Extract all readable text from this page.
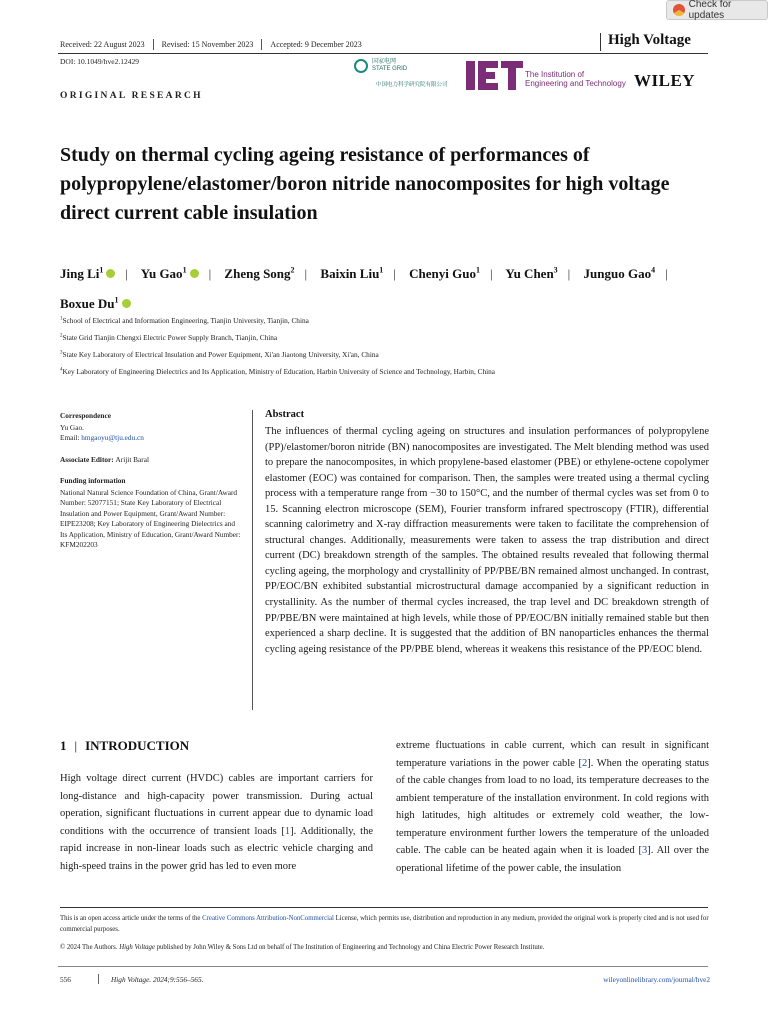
Check for updates
Received: 22 August 2023	Revised: 15 November 2023	Accepted: 9 December 2023	High Voltage
DOI: 10.1049/hve2.12429	国家电网
STATE GRID
中国电力科学研究院有限公司
The Institution of
Engineering and Technology WILEY
ORIGINAL RESEARCH
Study on thermal cycling ageing resistance of performances of polypropylene/elastomer/boron nitride nanocomposites for high voltage direct current cable insulation
Jing Li$^1$ | Yu Gao$^1$ | Zheng Song$^2$ | Baixin Liu$^1$ | Chenyi Guo$^1$ | Yu Chen$^3$ | Junguo Gao$^4$ | Boxue Du$^1$
$^1$School of Electrical and Information Engineering, Tianjin University, Tianjin, China
$^2$State Grid Tianjin Chengxi Electric Power Supply Branch, Tianjin, China
$^3$State Key Laboratory of Electrical Insulation and Power Equipment, Xi'an Jiaotong University, Xi'an, China
$^4$Key Laboratory of Engineering Dielectrics and Its Application, Ministry of Education, Harbin University of Science and Technology, Harbin, China
Correspondence
Yu Gao.
Email: hmgaoyu@tju.edu.cn
Associate Editor: Arijit Baral
Funding information
National Natural Science Foundation of China, Grant/Award Number: 52077151; State Key Laboratory of Electrical Insulation and Power Equipment, Grant/Award Number: EIPE23208; Key Laboratory of Engineering Dielectrics and Its Application, Ministry of Education, Grant/Award Number: KFM202203
Abstract
The influences of thermal cycling ageing on structures and insulation performances of polypropylene (PP)/elastomer/boron nitride (BN) nanocomposites are investigated. The Melt blending method was used to prepare the nanocomposites, in which propylene-based elastomer (PBE) or ethylene-octene copolymer elastomer (EOC) was contained for comparison. Then, the samples were treated using a thermal cycling process with a temperature range from −30 to 150°C, and the number of thermal cycles was set from 0 to 15. Scanning electron microscope (SEM), Fourier transform infrared spectroscopy (FTIR), differential scanning calorimetry and X-ray diffraction measurements were taken to facilitate the comprehension of structural changes. Additionally, measurements were taken to assess the trap distribution and direct current (DC) breakdown strength of the samples. The obtained results revealed that following thermal cycling ageing, the morphology and crystallinity of PP/PBE/BN remained almost unchanged. In contrast, PP/EOC/BN exhibited substantial microstructural damage accompanied by a significant reduction in crystallinity. As the number of thermal cycles increased, the trap level and DC breakdown strength of PP/PBE/BN were maintained at high levels, while those of PP/EOC/BN initially remained stable but then experienced a sharp decline. It is suggested that the addition of BN nanoparticles enhances the thermal cycling ageing resistance of the PP/PBE blend, whereas it weakens this resistance of the PP/EOC blend.
1 | INTRODUCTION
High voltage direct current (HVDC) cables are important carriers for long-distance and high-capacity power transmission. During actual operation, significant fluctuations in current appear due to dynamic load conditions with the occurrence of transient loads [1]. Additionally, the rapid increase in non-linear loads such as electric vehicle charging and high-speed trains in the power grid has led to even more
extreme fluctuations in cable current, which can result in significant temperature variations in the power cable [2]. When the operating status of the cable changes from load to no load, its temperature decreases to the ambient temperature of the installation environment. In cold regions with high latitudes, high altitudes or extremely cold weather, the low-temperature environment further lowers the temperature of the unloaded cable. The cable can be heated again when it is loaded [3]. All over the operational lifetime of the power cable, the insulation
This is an open access article under the terms of the Creative Commons Attribution-NonCommercial License, which permits use, distribution and reproduction in any medium, provided the original work is properly cited and is not used for commercial purposes.
© 2024 The Authors. High Voltage published by John Wiley & Sons Ltd on behalf of The Institution of Engineering and Technology and China Electric Power Research Institute.
556	High Voltage. 2024;9:556–565.	wileyonlinelibrary.com/journal/hve2
